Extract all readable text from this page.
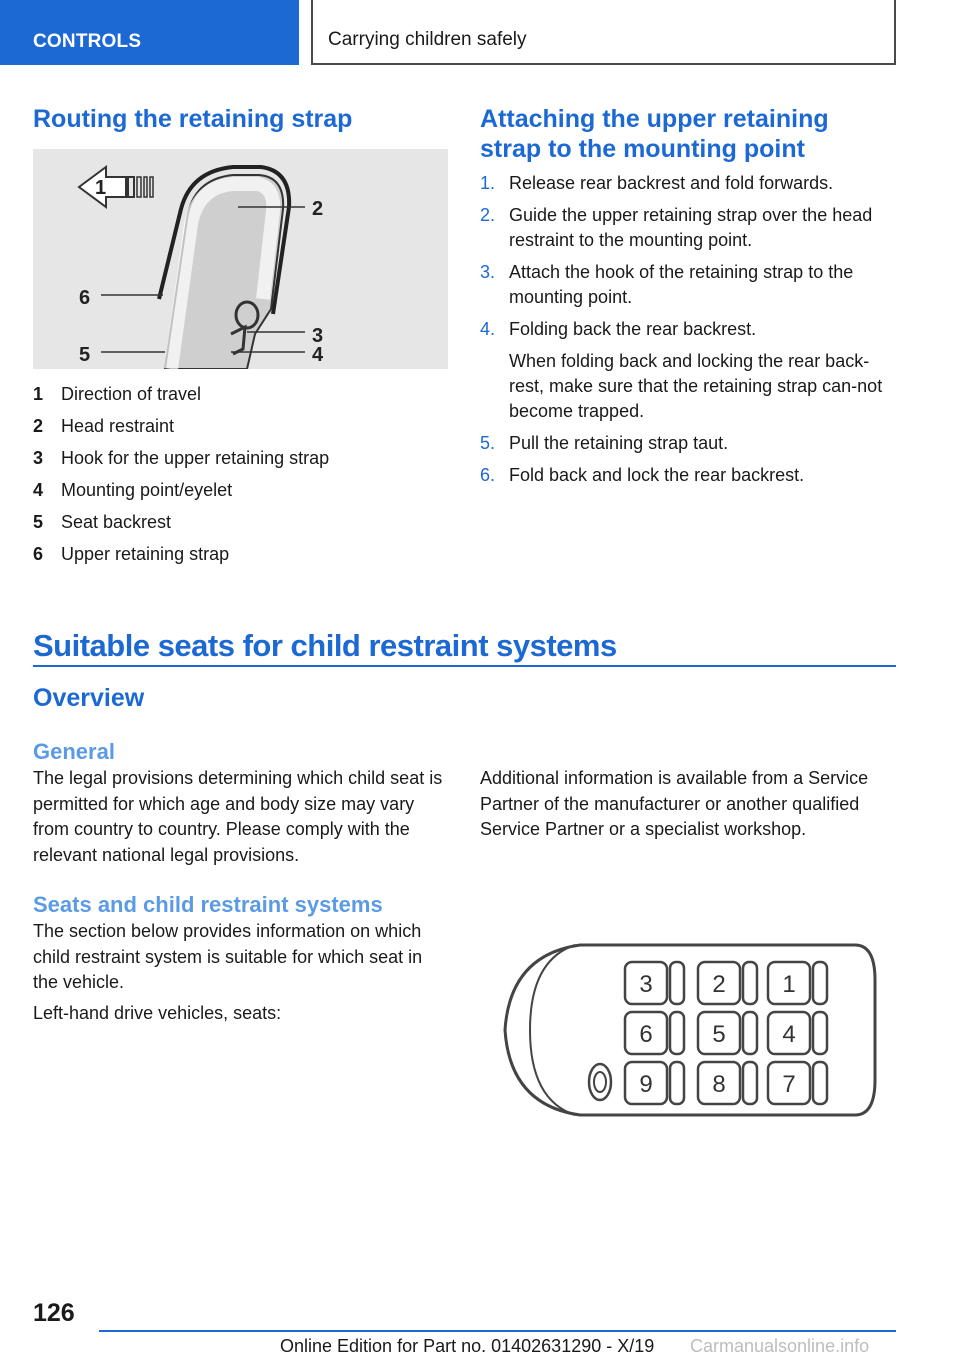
CONTROLS	Carrying children safely
Routing the retaining strap
1
2
3
4
5
6
1 Direction of travel
2 Head restraint
3 Hook for the upper retaining strap
4 Mounting point/eyelet
5 Seat backrest
6 Upper retaining strap
Attaching the upper retaining
strap to the mounting point
1. Release rear backrest and fold forwards.
2. Guide the upper retaining strap over the head restraint to the mounting point.
3. Attach the hook of the retaining strap to the mounting point.
4. Folding back the rear backrest.
When folding back and locking the rear back‐rest, make sure that the retaining strap can‐not become trapped.
5. Pull the retaining strap taut.
6. Fold back and lock the rear backrest.
Suitable seats for child restraint systems
Overview
General
The legal provisions determining which child seat is permitted for which age and body size may vary from country to country. Please comply with the relevant national legal provisions.
Seats and child restraint systems
The section below provides information on which child restraint system is suitable for which seat in the vehicle.
Left-hand drive vehicles, seats:
Additional information is available from a Service Partner of the manufacturer or another qualified Service Partner or a specialist workshop.
3
6
9
2
5
8
1
4
7
126
Online Edition for Part no. 01402631290 - X/19 Carmanualsonline.info
